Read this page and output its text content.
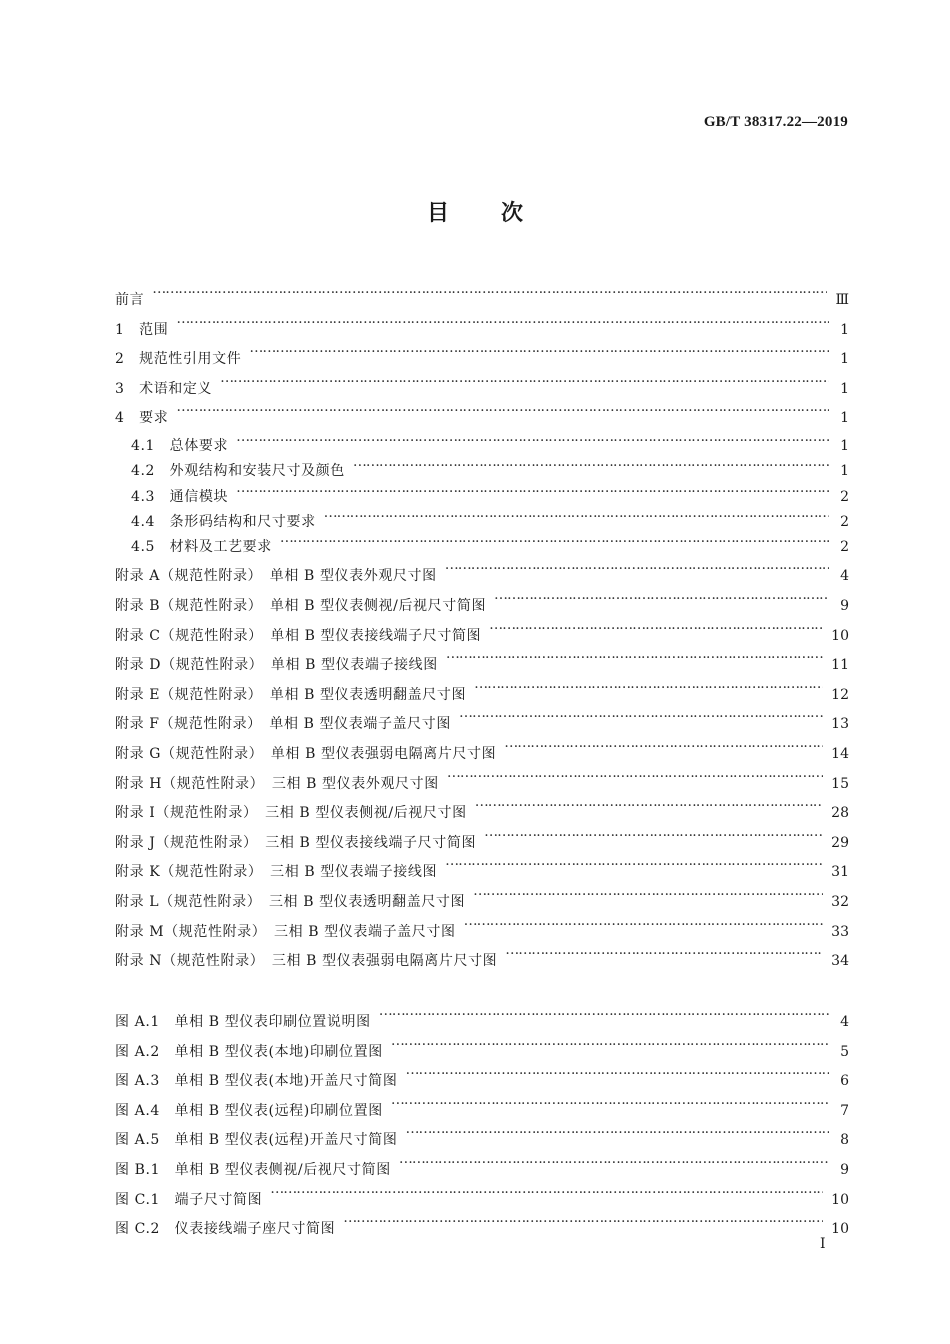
GB/T 38317.22—2019
目次
前言 ……………………………………………………………………………………………………………………………………………………………………………………………………………………………………	Ⅲ
1　范围 ……………………………………………………………………………………………………………………………………………………………………………………………………………………………………	1
2　规范性引用文件 ……………………………………………………………………………………………………………………………………………………………………………………………………………………………………	1
3　术语和定义 ……………………………………………………………………………………………………………………………………………………………………………………………………………………………………	1
4　要求 ……………………………………………………………………………………………………………………………………………………………………………………………………………………………………	1
4.1　总体要求 ……………………………………………………………………………………………………………………………………………………………………………………………………………………………………	1
4.2　外观结构和安装尺寸及颜色 ……………………………………………………………………………………………………………………………………………………………………………………………………………………………………	1
4.3　通信模块 ……………………………………………………………………………………………………………………………………………………………………………………………………………………………………	2
4.4　条形码结构和尺寸要求 ……………………………………………………………………………………………………………………………………………………………………………………………………………………………………	2
4.5　材料及工艺要求 ……………………………………………………………………………………………………………………………………………………………………………………………………………………………………	2
附录 A（规范性附录）　单相 B 型仪表外观尺寸图 ……………………………………………………………………………………………………………………………………………………………………………………………………………………………………	4
附录 B（规范性附录）　单相 B 型仪表侧视/后视尺寸简图 ……………………………………………………………………………………………………………………………………………………………………………………………………………………………………	9
附录 C（规范性附录）　单相 B 型仪表接线端子尺寸简图 ……………………………………………………………………………………………………………………………………………………………………………………………………………………………………	10
附录 D（规范性附录）　单相 B 型仪表端子接线图 ……………………………………………………………………………………………………………………………………………………………………………………………………………………………………	11
附录 E（规范性附录）　单相 B 型仪表透明翻盖尺寸图 ……………………………………………………………………………………………………………………………………………………………………………………………………………………………………	12
附录 F（规范性附录）　单相 B 型仪表端子盖尺寸图 ……………………………………………………………………………………………………………………………………………………………………………………………………………………………………	13
附录 G（规范性附录）　单相 B 型仪表强弱电隔离片尺寸图 ……………………………………………………………………………………………………………………………………………………………………………………………………………………………………	14
附录 H（规范性附录）　三相 B 型仪表外观尺寸图 ……………………………………………………………………………………………………………………………………………………………………………………………………………………………………	15
附录 I（规范性附录）　三相 B 型仪表侧视/后视尺寸图 ……………………………………………………………………………………………………………………………………………………………………………………………………………………………………	28
附录 J（规范性附录）　三相 B 型仪表接线端子尺寸简图 ……………………………………………………………………………………………………………………………………………………………………………………………………………………………………	29
附录 K（规范性附录）　三相 B 型仪表端子接线图 ……………………………………………………………………………………………………………………………………………………………………………………………………………………………………	31
附录 L（规范性附录）　三相 B 型仪表透明翻盖尺寸图 ……………………………………………………………………………………………………………………………………………………………………………………………………………………………………	32
附录 M（规范性附录）　三相 B 型仪表端子盖尺寸图 ……………………………………………………………………………………………………………………………………………………………………………………………………………………………………	33
附录 N（规范性附录）　三相 B 型仪表强弱电隔离片尺寸图 ……………………………………………………………………………………………………………………………………………………………………………………………………………………………………	34
图 A.1　单相 B 型仪表印刷位置说明图 ……………………………………………………………………………………………………………………………………………………………………………………………………………………………………	4
图 A.2　单相 B 型仪表(本地)印刷位置图 ……………………………………………………………………………………………………………………………………………………………………………………………………………………………………	5
图 A.3　单相 B 型仪表(本地)开盖尺寸简图 ……………………………………………………………………………………………………………………………………………………………………………………………………………………………………	6
图 A.4　单相 B 型仪表(远程)印刷位置图 ……………………………………………………………………………………………………………………………………………………………………………………………………………………………………	7
图 A.5　单相 B 型仪表(远程)开盖尺寸简图 ……………………………………………………………………………………………………………………………………………………………………………………………………………………………………	8
图 B.1　单相 B 型仪表侧视/后视尺寸简图 ……………………………………………………………………………………………………………………………………………………………………………………………………………………………………	9
图 C.1　端子尺寸简图 ……………………………………………………………………………………………………………………………………………………………………………………………………………………………………	10
图 C.2　仪表接线端子座尺寸简图 ……………………………………………………………………………………………………………………………………………………………………………………………………………………………………	10
I
